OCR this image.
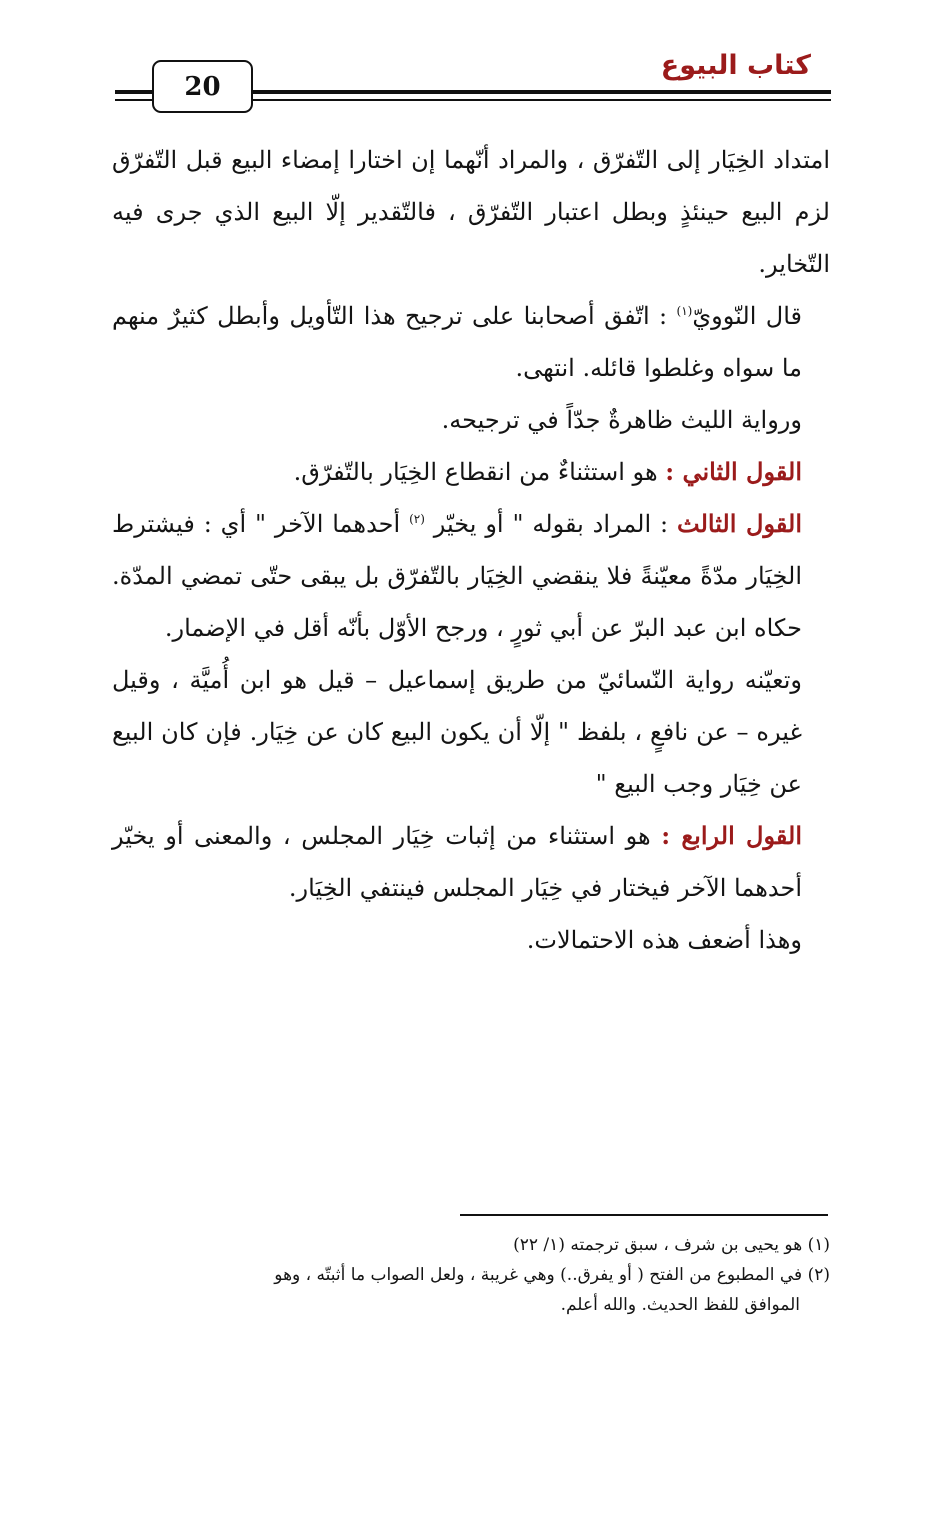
20
كتاب البيوع

امتداد الخِيَار إلى التّفرّق ، والمراد أنّهما إن اختارا إمضاء البيع قبل التّفرّق لزم البيع حينئذٍ وبطل اعتبار التّفرّق ، فالتّقدير إلّا البيع الذي جرى فيه التّخاير.

قال النّوويّ$^{(١)}$ : اتّفق أصحابنا على ترجيح هذا التّأويل وأبطل كثيرٌ منهم ما سواه وغلطوا قائله. انتهى.

ورواية الليث ظاهرةٌ جدّاً في ترجيحه.

القول الثاني : هو استثناءٌ من انقطاع الخِيَار بالتّفرّق.

القول الثالث : المراد بقوله " أو يخيّر $^{(٢)}$ أحدهما الآخر " أي : فيشترط الخِيَار مدّةً معيّنةً فلا ينقضي الخِيَار بالتّفرّق بل يبقى حتّى تمضي المدّة. حكاه ابن عبد البرّ عن أبي ثورٍ ، ورجح الأوّل بأنّه أقل في الإضمار.

وتعيّنه رواية النّسائيّ من طريق إسماعيل – قيل هو ابن أُميَّة ، وقيل غيره – عن نافعٍ ، بلفظ " إلّا أن يكون البيع كان عن خِيَار. فإن كان البيع عن خِيَار وجب البيع "

القول الرابع : هو استثناء من إثبات خِيَار المجلس ، والمعنى أو يخيّر أحدهما الآخر فيختار في خِيَار المجلس فينتفي الخِيَار.

وهذا أضعف هذه الاحتمالات.

(١) هو يحيى بن شرف ، سبق ترجمته (١/ ٢٢)

(٢) في المطبوع من الفتح ( أو يفرق..) وهي غريبة ، ولعل الصواب ما أثبتّه ، وهو

الموافق للفظ الحديث. والله أعلم.
